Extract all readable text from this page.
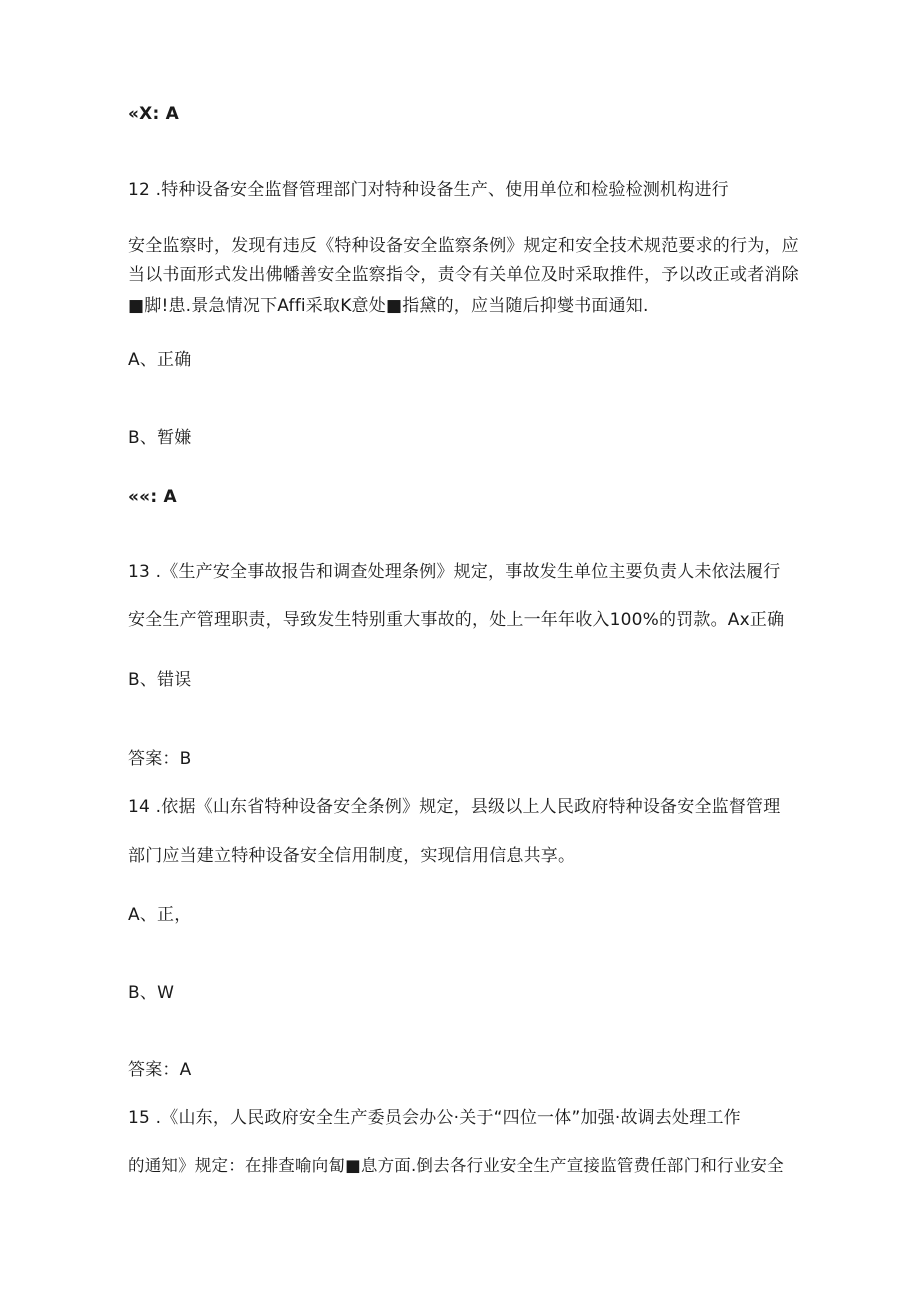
«X: A
12 .特种设备安全监督管理部门对特种设备生产、使用单位和检验检测机构进行
安全监察时，发现有违反《特种设备安全监察条例》规定和安全技术规范要求的行为，应
当以书面形式发出佛幡善安全监察指令，责令有关单位及时采取推件，予以改正或者消除
■脚!患.景急情况下Affi采取K意处■指黛的，应当随后抑燮书面通知.
A、正确
B、暂嫌
««: A
13 .《生产安全事故报告和调查处理条例》规定，事故发生单位主要负责人未依法履行
安全生产管理职责，导致发生特别重大事故的，处上一年年收入100%的罚款。Ax正确
B、错误
答案：B
14 .依据《山东省特种设备安全条例》规定，县级以上人民政府特种设备安全监督管理
部门应当建立特种设备安全信用制度，实现信用信息共享。
A、正，
B、W
答案：A
15 .《山东，人民政府安全生产委员会办公·关于“四位一体”加强·故调去处理工作
的通知》规定：在排查喻向匐■息方面.倒去各行业安全生产宣接监管费任部门和行业安全
